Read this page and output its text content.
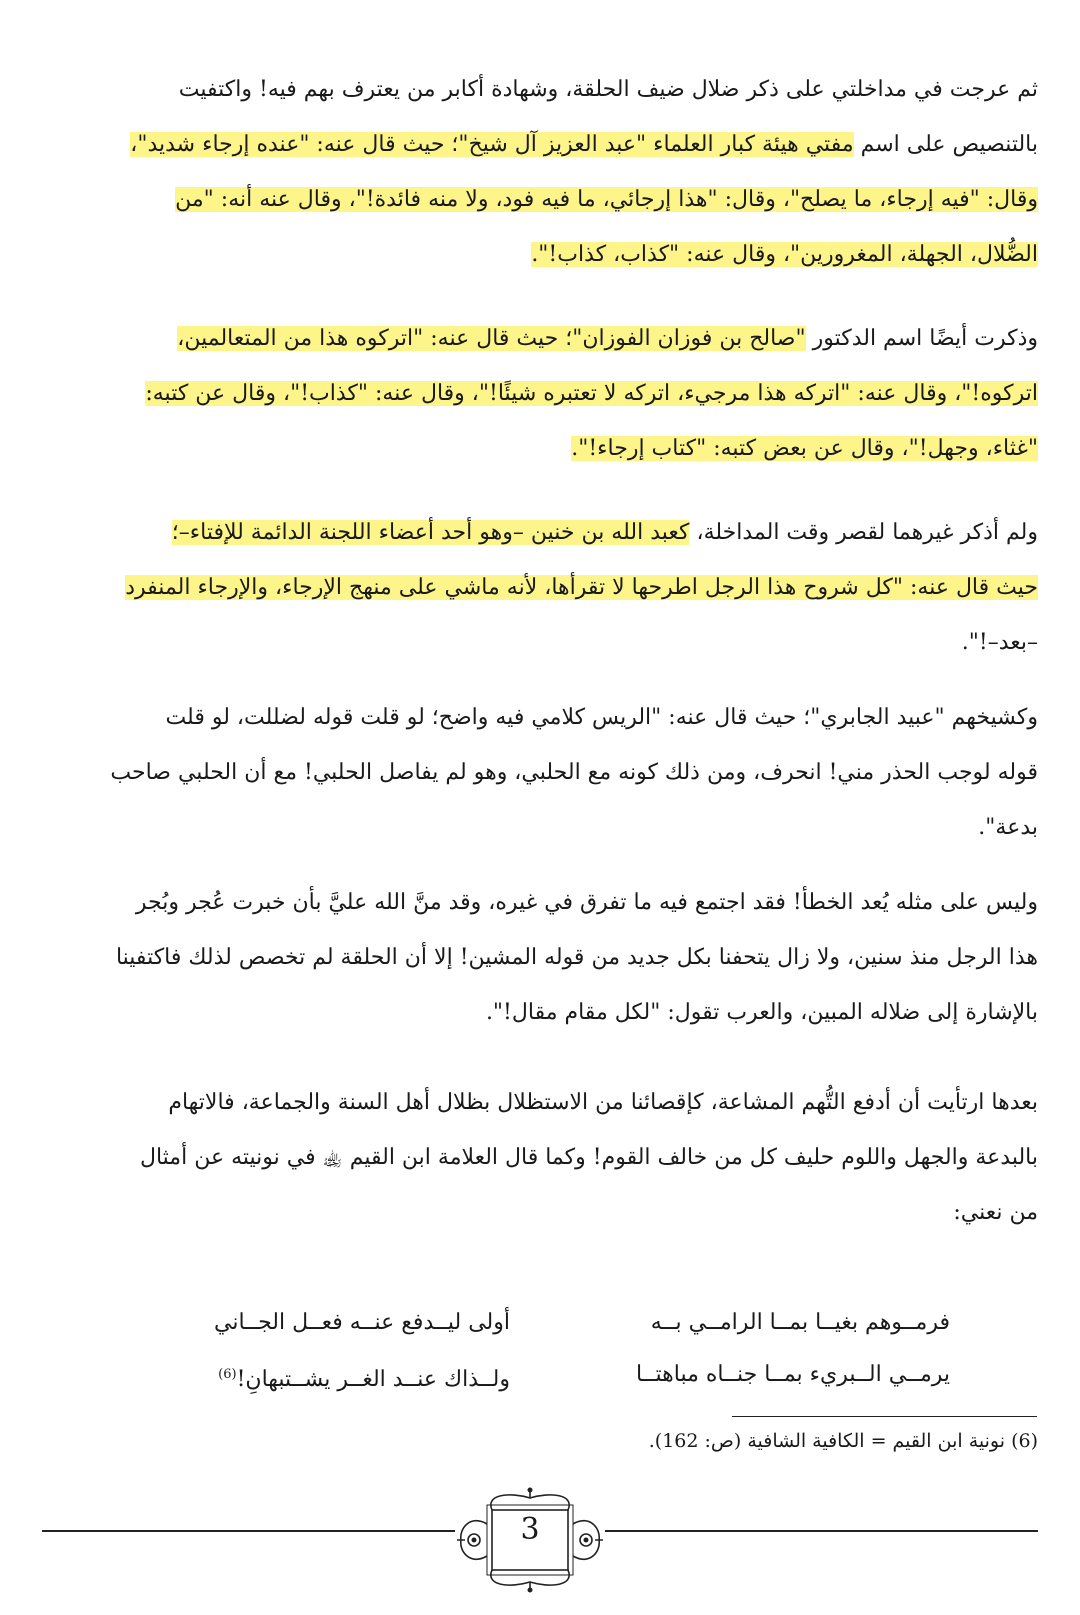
ثم عرجت في مداخلتي على ذكر ضلال ضيف الحلقة، وشهادة أكابر من يعترف بهم فيه! واكتفيت
بالتنصيص على اسم مفتي هيئة كبار العلماء "عبد العزيز آل شيخ"؛ حيث قال عنه: "عنده إرجاء شديد"،
وقال: "فيه إرجاء، ما يصلح"، وقال: "هذا إرجائي، ما فيه فود، ولا منه فائدة!"، وقال عنه أنه: "من
الضُّلال، الجهلة، المغرورين"، وقال عنه: "كذاب، كذاب!".

وذكرت أيضًا اسم الدكتور "صالح بن فوزان الفوزان"؛ حيث قال عنه: "اتركوه هذا من المتعالمين،
اتركوه!"، وقال عنه: "اتركه هذا مرجيء، اتركه لا تعتبره شيئًا!"، وقال عنه: "كذاب!"، وقال عن كتبه:
"غثاء، وجهل!"، وقال عن بعض كتبه: "كتاب إرجاء!".

ولم أذكر غيرهما لقصر وقت المداخلة، كعبد الله بن خنين –وهو أحد أعضاء اللجنة الدائمة للإفتاء–؛
حيث قال عنه: "كل شروح هذا الرجل اطرحها لا تقرأها، لأنه ماشي على منهج الإرجاء، والإرجاء المنفرد
–بعد–!".

وكشيخهم "عبيد الجابري"؛ حيث قال عنه: "الريس كلامي فيه واضح؛ لو قلت قوله لضللت، لو قلت
قوله لوجب الحذر مني! انحرف، ومن ذلك كونه مع الحلبي، وهو لم يفاصل الحلبي! مع أن الحلبي صاحب
بدعة".

وليس على مثله يُعد الخطأ! فقد اجتمع فيه ما تفرق في غيره، وقد منَّ الله عليَّ بأن خبرت عُجر وبُجر
هذا الرجل منذ سنين، ولا زال يتحفنا بكل جديد من قوله المشين! إلا أن الحلقة لم تخصص لذلك فاكتفينا
بالإشارة إلى ضلاله المبين، والعرب تقول: "لكل مقام مقال!".

بعدها ارتأيت أن أدفع التُّهم المشاعة، كإقصائنا من الاستظلال بظلال أهل السنة والجماعة، فالاتهام
بالبدعة والجهل واللوم حليف كل من خالف القوم! وكما قال العلامة ابن القيم ﵀ في نونيته عن أمثال
من نعني:

فرمــوهم بغيــا بمــا الرامــي بــه
أولى ليــدفع عنــه فعــل الجــاني
يرمــي الــبريء بمــا جنــاه مباهتــا
ولــذاك عنــد الغــر يشــتبهانِ!$^{(6)}$
(6) نونية ابن القيم = الكافية الشافية (ص: 162).
3
